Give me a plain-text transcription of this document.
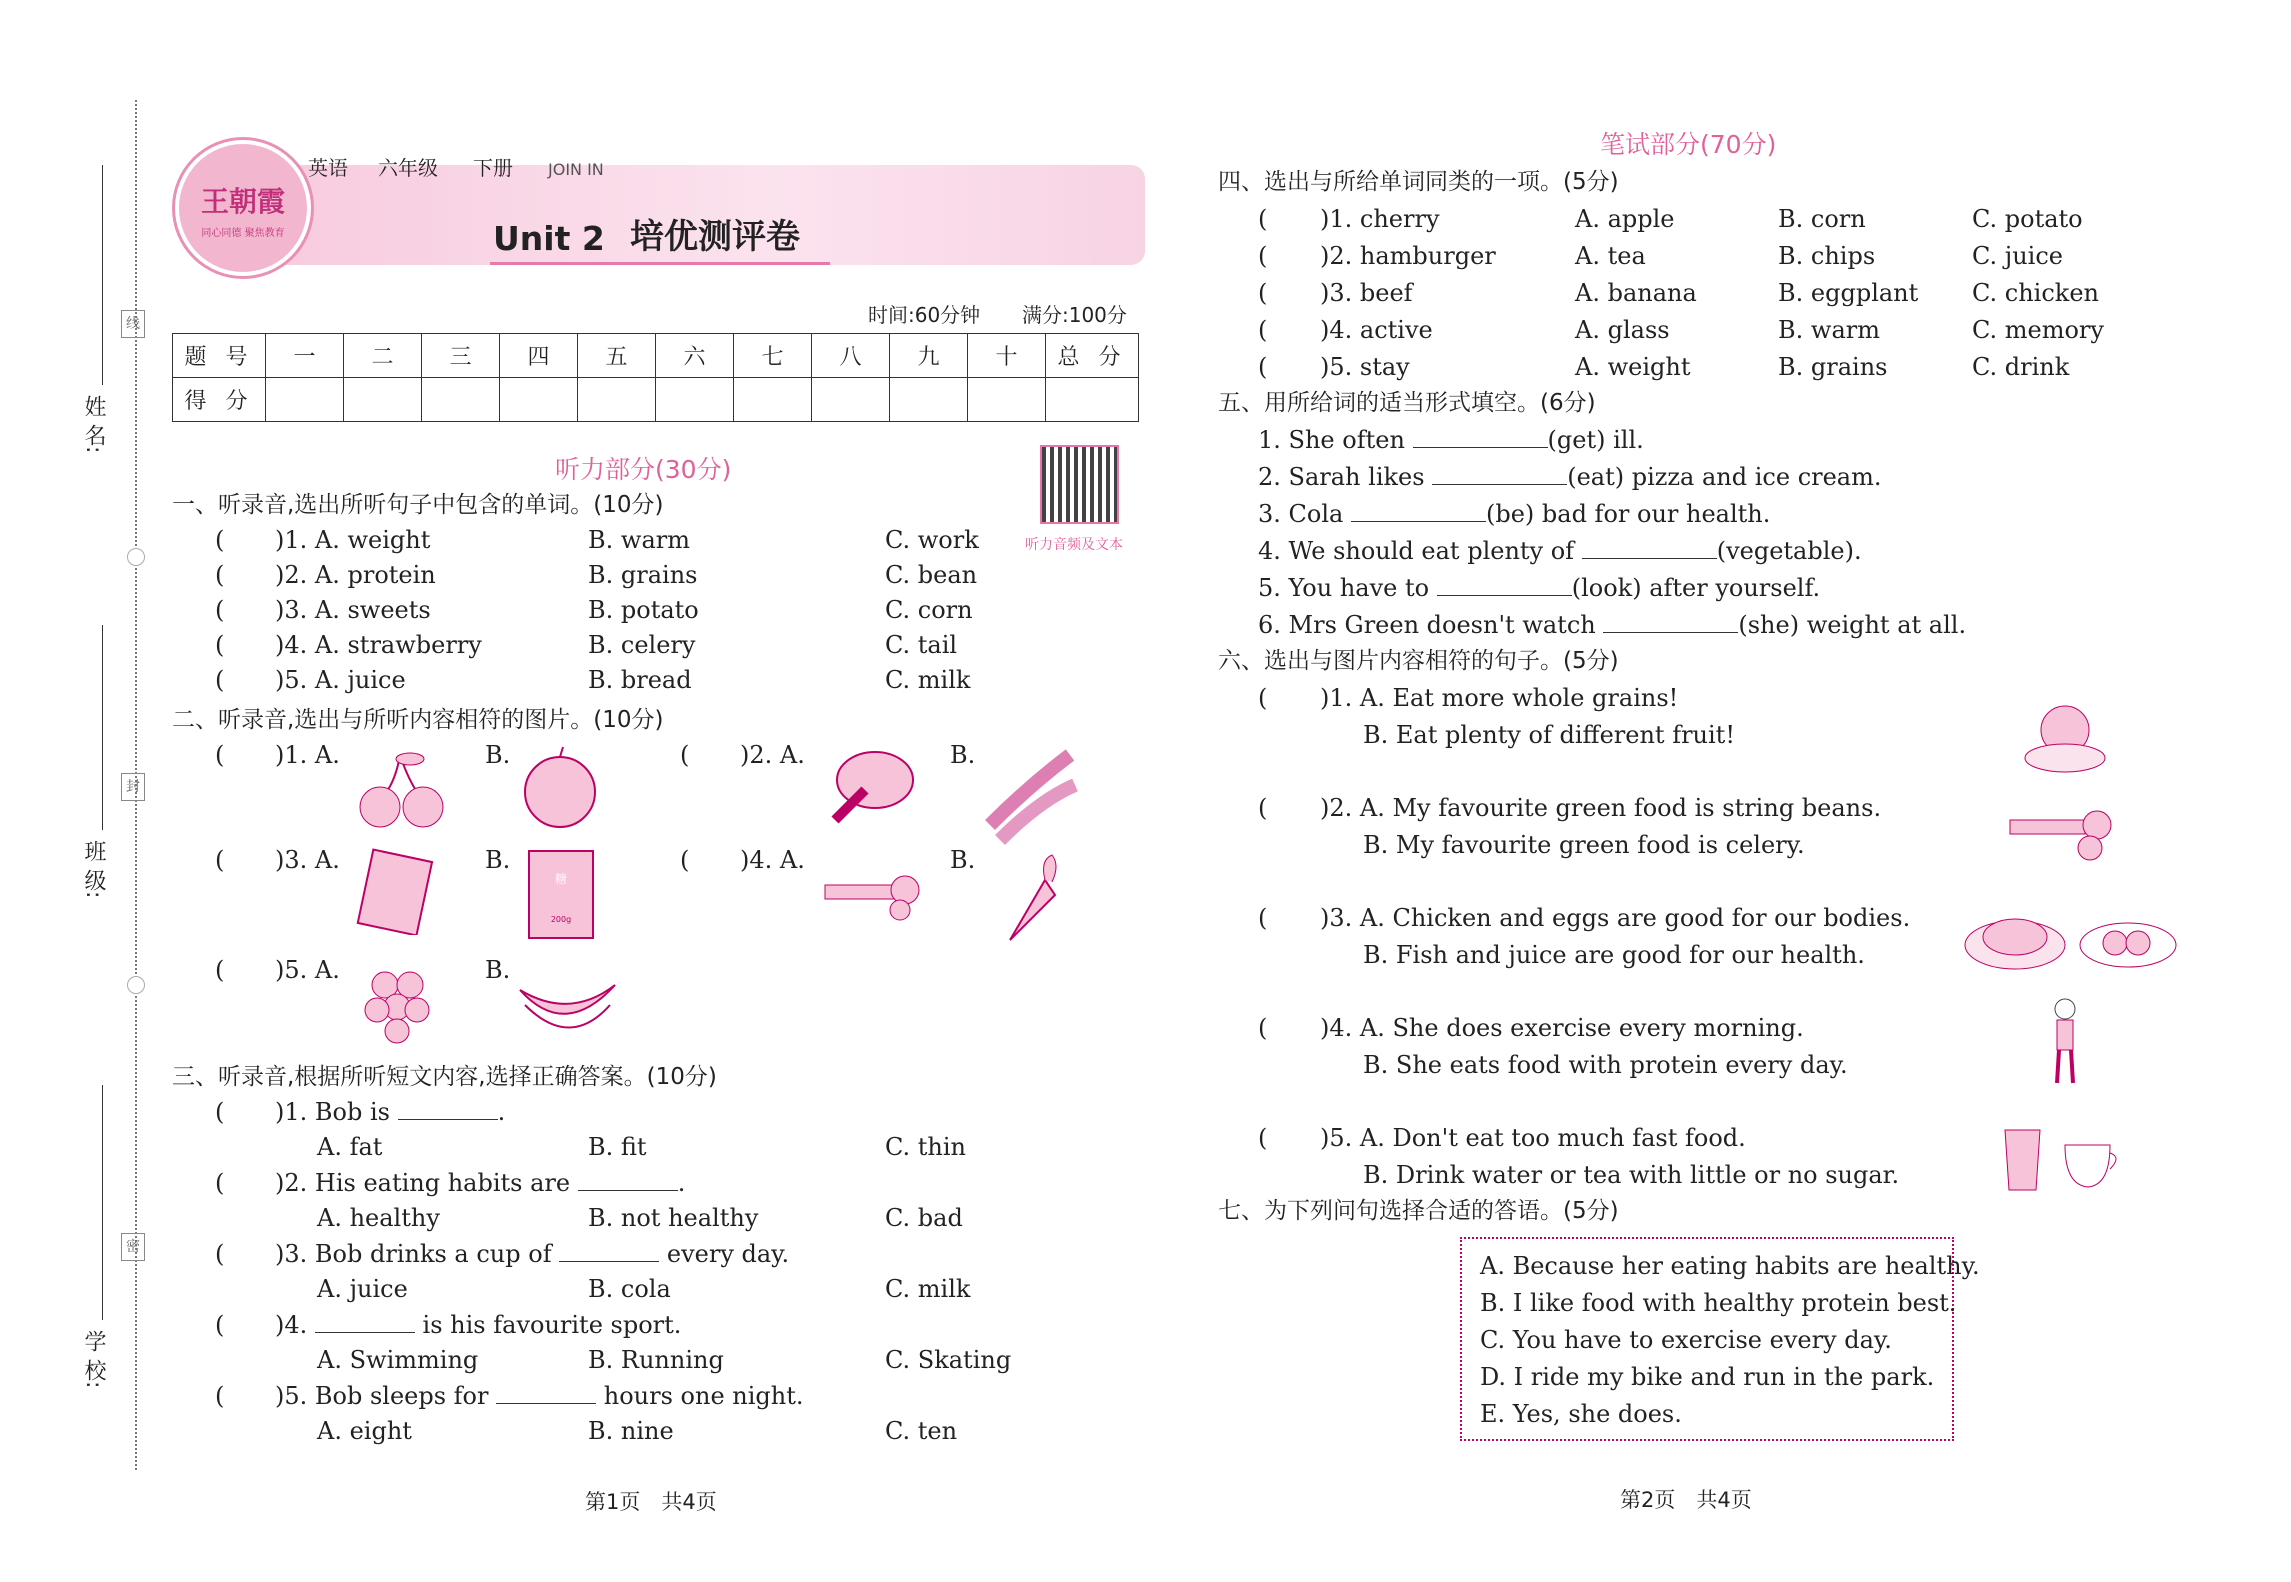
姓 名:
班 级:
学 校:
线
封
密
王朝霞
同心同德 聚焦教育
英语 六年级 下册 JOIN IN
Unit 2 培优测评卷
时间:60分钟 满分:100分
题 号	一	二	三	四	五	六	七	八	九	十	总 分
得 分											
听力部分(30分)
听力音频及文本
一、听录音,选出所听句子中包含的单词。(10分)
( )1. A. weight	B. warm	C. work
( )2. A. protein	B. grains	C. bean
( )3. A. sweets	B. potato	C. corn
( )4. A. strawberry	B. celery	C. tail
( )5. A. juice	B. bread	C. milk
二、听录音,选出与所听内容相符的图片。(10分)
( )1. A.	B.	( )2. A.	B.
( )3. A.	B.
糖
200g
( )4. A.	B.
( )5. A.	B.
三、听录音,根据所听短文内容,选择正确答案。(10分)
( )1. Bob is	.
A. fat	B. fit	C. thin
( )2. His eating habits are	.
A. healthy	B. not healthy	C. bad
( )3. Bob drinks a cup of	every day.
A. juice	B. cola	C. milk
( )4.	is his favourite sport.
A. Swimming	B. Running	C. Skating
( )5. Bob sleeps for	hours one night.
A. eight	B. nine	C. ten
第1页　共4页
笔试部分(70分)
四、选出与所给单词同类的一项。(5分)
( )1. cherry	A. apple	B. corn	C. potato
( )2. hamburger	A. tea	B. chips	C. juice
( )3. beef	A. banana	B. eggplant C. chicken
( )4. active	A. glass	B. warm	C. memory
( )5. stay	A. weight	B. grains	C. drink
五、用所给词的适当形式填空。(6分)
1. She often	(get) ill.
2. Sarah likes	(eat) pizza and ice cream.
3. Cola	(be) bad for our health.
4. We should eat plenty of	(vegetable).
5. You have to	(look) after yourself.
6. Mrs Green doesn't watch	(she) weight at all.
六、选出与图片内容相符的句子。(5分)
( )1. A. Eat more whole grains!
B. Eat plenty of different fruit!
( )2. A. My favourite green food is string beans.
B. My favourite green food is celery.
( )3. A. Chicken and eggs are good for our bodies.
B. Fish and juice are good for our health.
( )4. A. She does exercise every morning.
B. She eats food with protein every day.
( )5. A. Don't eat too much fast food.
B. Drink water or tea with little or no sugar.
七、为下列问句选择合适的答语。(5分)
A. Because her eating habits are healthy.
B. I like food with healthy protein best.
C. You have to exercise every day.
D. I ride my bike and run in the park.
E. Yes, she does.
第2页　共4页
